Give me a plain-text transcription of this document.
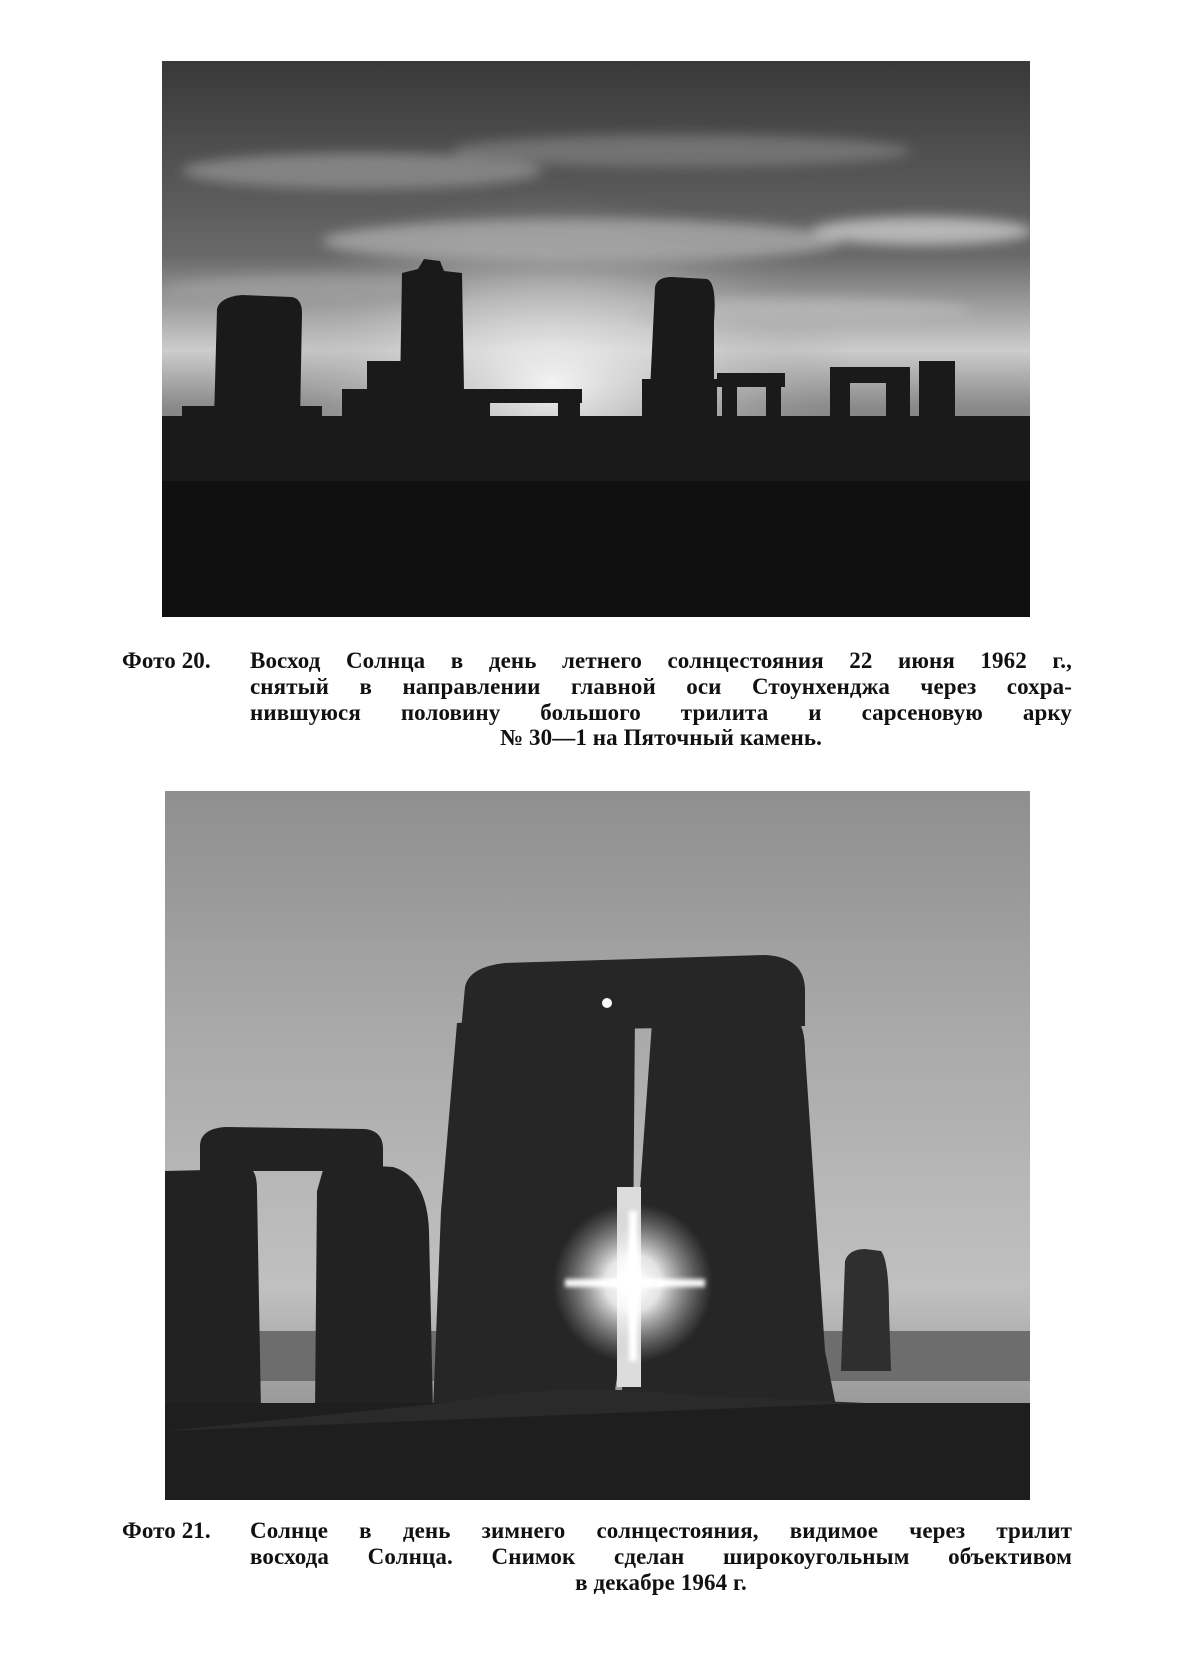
Фото 20. Восход Солнца в день летнего солнцестояния 22 июня 1962 г.,
снятый в направлении главной оси Стоунхенджа через сохра-
нившуюся половину большого трилита и сарсеновую арку
№ 30—1 на Пяточный камень.
Фото 21. Солнце в день зимнего солнцестояния, видимое через трилит
восхода Солнца. Снимок сделан широкоугольным объективом
в декабре 1964 г.
